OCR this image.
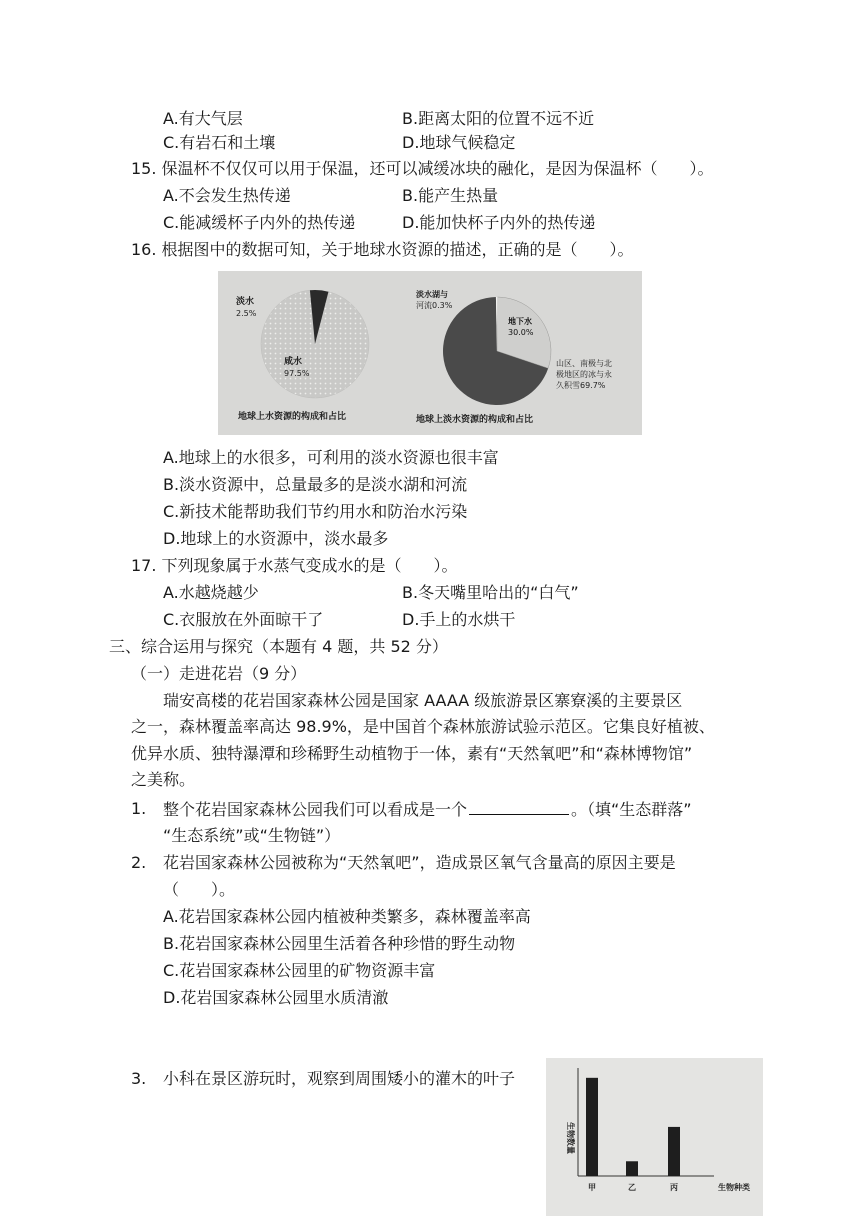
A.有大气层	B.距离太阳的位置不远不近
C.有岩石和土壤	D.地球气候稳定
15. 保温杯不仅仅可以用于保温，还可以减缓冰块的融化，是因为保温杯（　　）。
A.不会发生热传递	B.能产生热量
C.能减缓杯子内外的热传递	D.能加快杯子内外的热传递
16. 根据图中的数据可知，关于地球水资源的描述，正确的是（　　）。
淡水
2.5%
咸水
97.5%
地球上水资源的构成和占比
淡水湖与
河流0.3%
地下水
30.0%
山区、南极与北
极地区的冰与永
久积雪69.7%
地球上淡水资源的构成和占比
A.地球上的水很多，可利用的淡水资源也很丰富
B.淡水资源中，总量最多的是淡水湖和河流
C.新技术能帮助我们节约用水和防治水污染
D.地球上的水资源中，淡水最多
17. 下列现象属于水蒸气变成水的是（　　）。
A.水越烧越少	B.冬天嘴里哈出的“白气”
C.衣服放在外面晾干了	D.手上的水烘干
三、综合运用与探究（本题有 4 题，共 52 分）
（一）走进花岩（9 分）
瑞安高楼的花岩国家森林公园是国家 AAAA 级旅游景区寨寮溪的主要景区
之一，森林覆盖率高达 98.9%，是中国首个森林旅游试验示范区。它集良好植被、
优异水质、独特瀑潭和珍稀野生动植物于一体，素有“天然氧吧”和“森林博物馆”
之美称。
1. 整个花岩国家森林公园我们可以看成是一个	。（填“生态群落”
“生态系统”或“生物链”）
2. 花岩国家森林公园被称为“天然氧吧”，造成景区氧气含量高的原因主要是
（　　）。
A.花岩国家森林公园内植被种类繁多，森林覆盖率高
B.花岩国家森林公园里生活着各种珍惜的野生动物
C.花岩国家森林公园里的矿物资源丰富
D.花岩国家森林公园里水质清澈
3. 小科在景区游玩时，观察到周围矮小的灌木的叶子
生物数量
生物种类
甲	乙	丙
